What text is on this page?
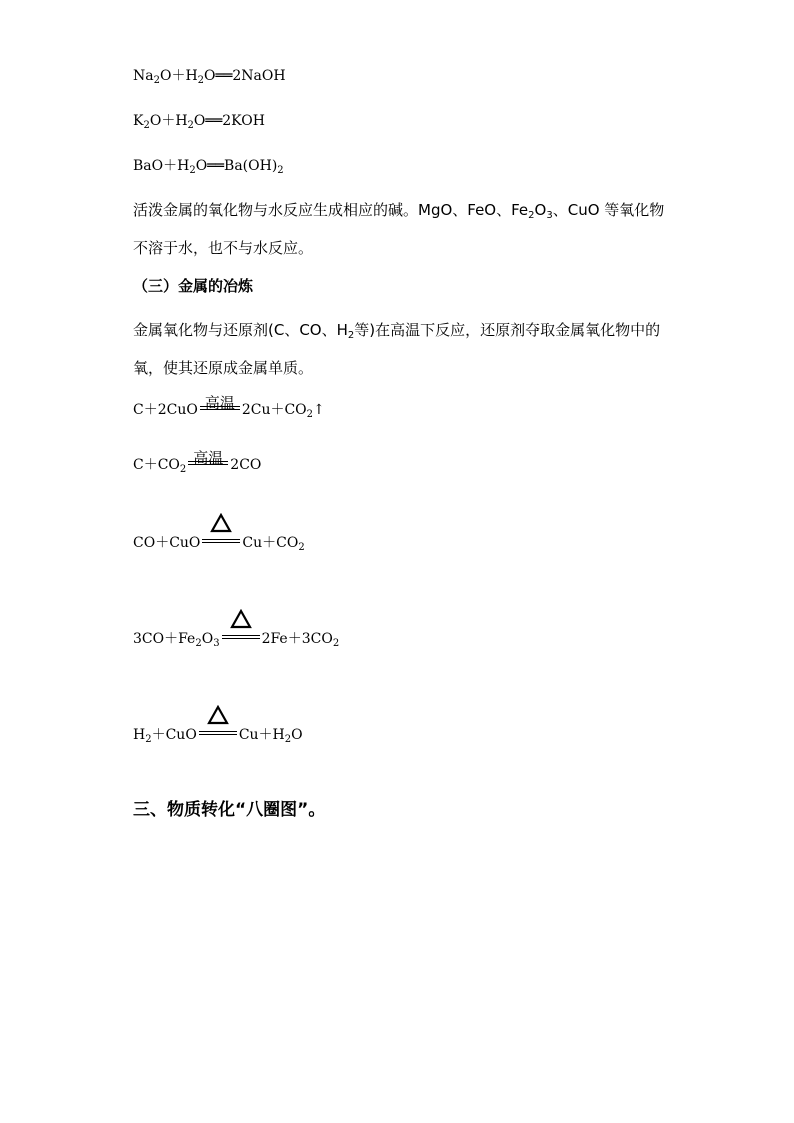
$Na_2O+H_2O══2NaOH$
$K_2O+H_2O══2KOH$
$BaO+H_2O══Ba(OH)_2$
活泼金属的氧化物与水反应生成相应的碱。MgO、FeO、$Fe_2O_3$、CuO 等氧化物不溶于水，也不与水反应。
（三）金属的冶炼
金属氧化物与还原剂(C、CO、$H_2$等)在高温下反应，还原剂夺取金属氧化物中的氧，使其还原成金属单质。
C＋2CuO 高温 $2Cu+CO_2↑$
$C+CO_2$
高温 2CO
CO＋CuO	$Cu+CO_2$
$3CO+Fe_2O_3$	$2Fe+3CO_2$
$H_2+CuO$	$Cu+H_2O$
三、物质转化“八圈图”。
